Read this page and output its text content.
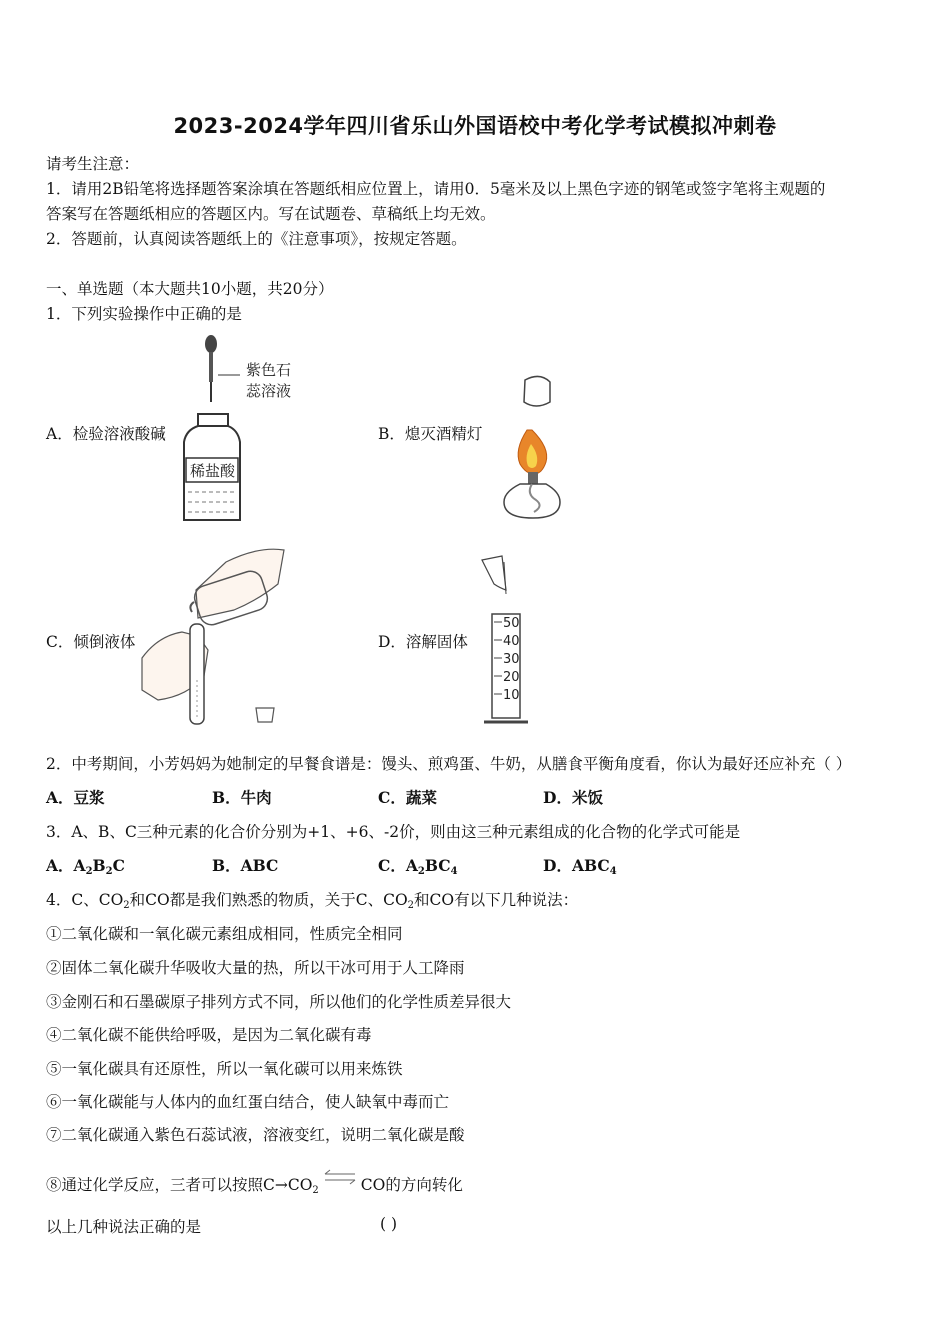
2023-2024学年四川省乐山外国语校中考化学考试模拟冲刺卷
请考生注意：
1．请用2B铅笔将选择题答案涂填在答题纸相应位置上，请用0．5毫米及以上黑色字迹的钢笔或签字笔将主观题的
答案写在答题纸相应的答题区内。写在试题卷、草稿纸上均无效。
2．答题前，认真阅读答题纸上的《注意事项》，按规定答题。
一、单选题（本大题共10小题，共20分）
1．下列实验操作中正确的是
紫色石
蕊溶液
稀盐酸
A．检验溶液酸碱	B．熄灭酒精灯
C．倾倒液体	D．溶解固体
50
40
30
20
10
2．中考期间，小芳妈妈为她制定的早餐食谱是：馒头、煎鸡蛋、牛奶，从膳食平衡角度看，你认为最好还应补充（ ）
A．豆浆	B．牛肉	C．蔬菜	D．米饭
3．A、B、C三种元素的化合价分别为+1、+6、-2价，则由这三种元素组成的化合物的化学式可能是
A．$A_2B_2C$	B．ABC	C．$A_2BC_4$	D．$ABC_4$
4．C、$CO_2$和CO都是我们熟悉的物质，关于C、$CO_2$和CO有以下几种说法：
①二氧化碳和一氧化碳元素组成相同，性质完全相同
②固体二氧化碳升华吸收大量的热，所以干冰可用于人工降雨
③金刚石和石墨碳原子排列方式不同，所以他们的化学性质差异很大
④二氧化碳不能供给呼吸，是因为二氧化碳有毒
⑤一氧化碳具有还原性，所以一氧化碳可以用来炼铁
⑥一氧化碳能与人体内的血红蛋白结合，使人缺氧中毒而亡
⑦二氧化碳通入紫色石蕊试液，溶液变红，说明二氧化碳是酸
⑧通过化学反应，三者可以按照$C\to CO_2$ ⇌ CO的方向转化
以上几种说法正确的是	( )
